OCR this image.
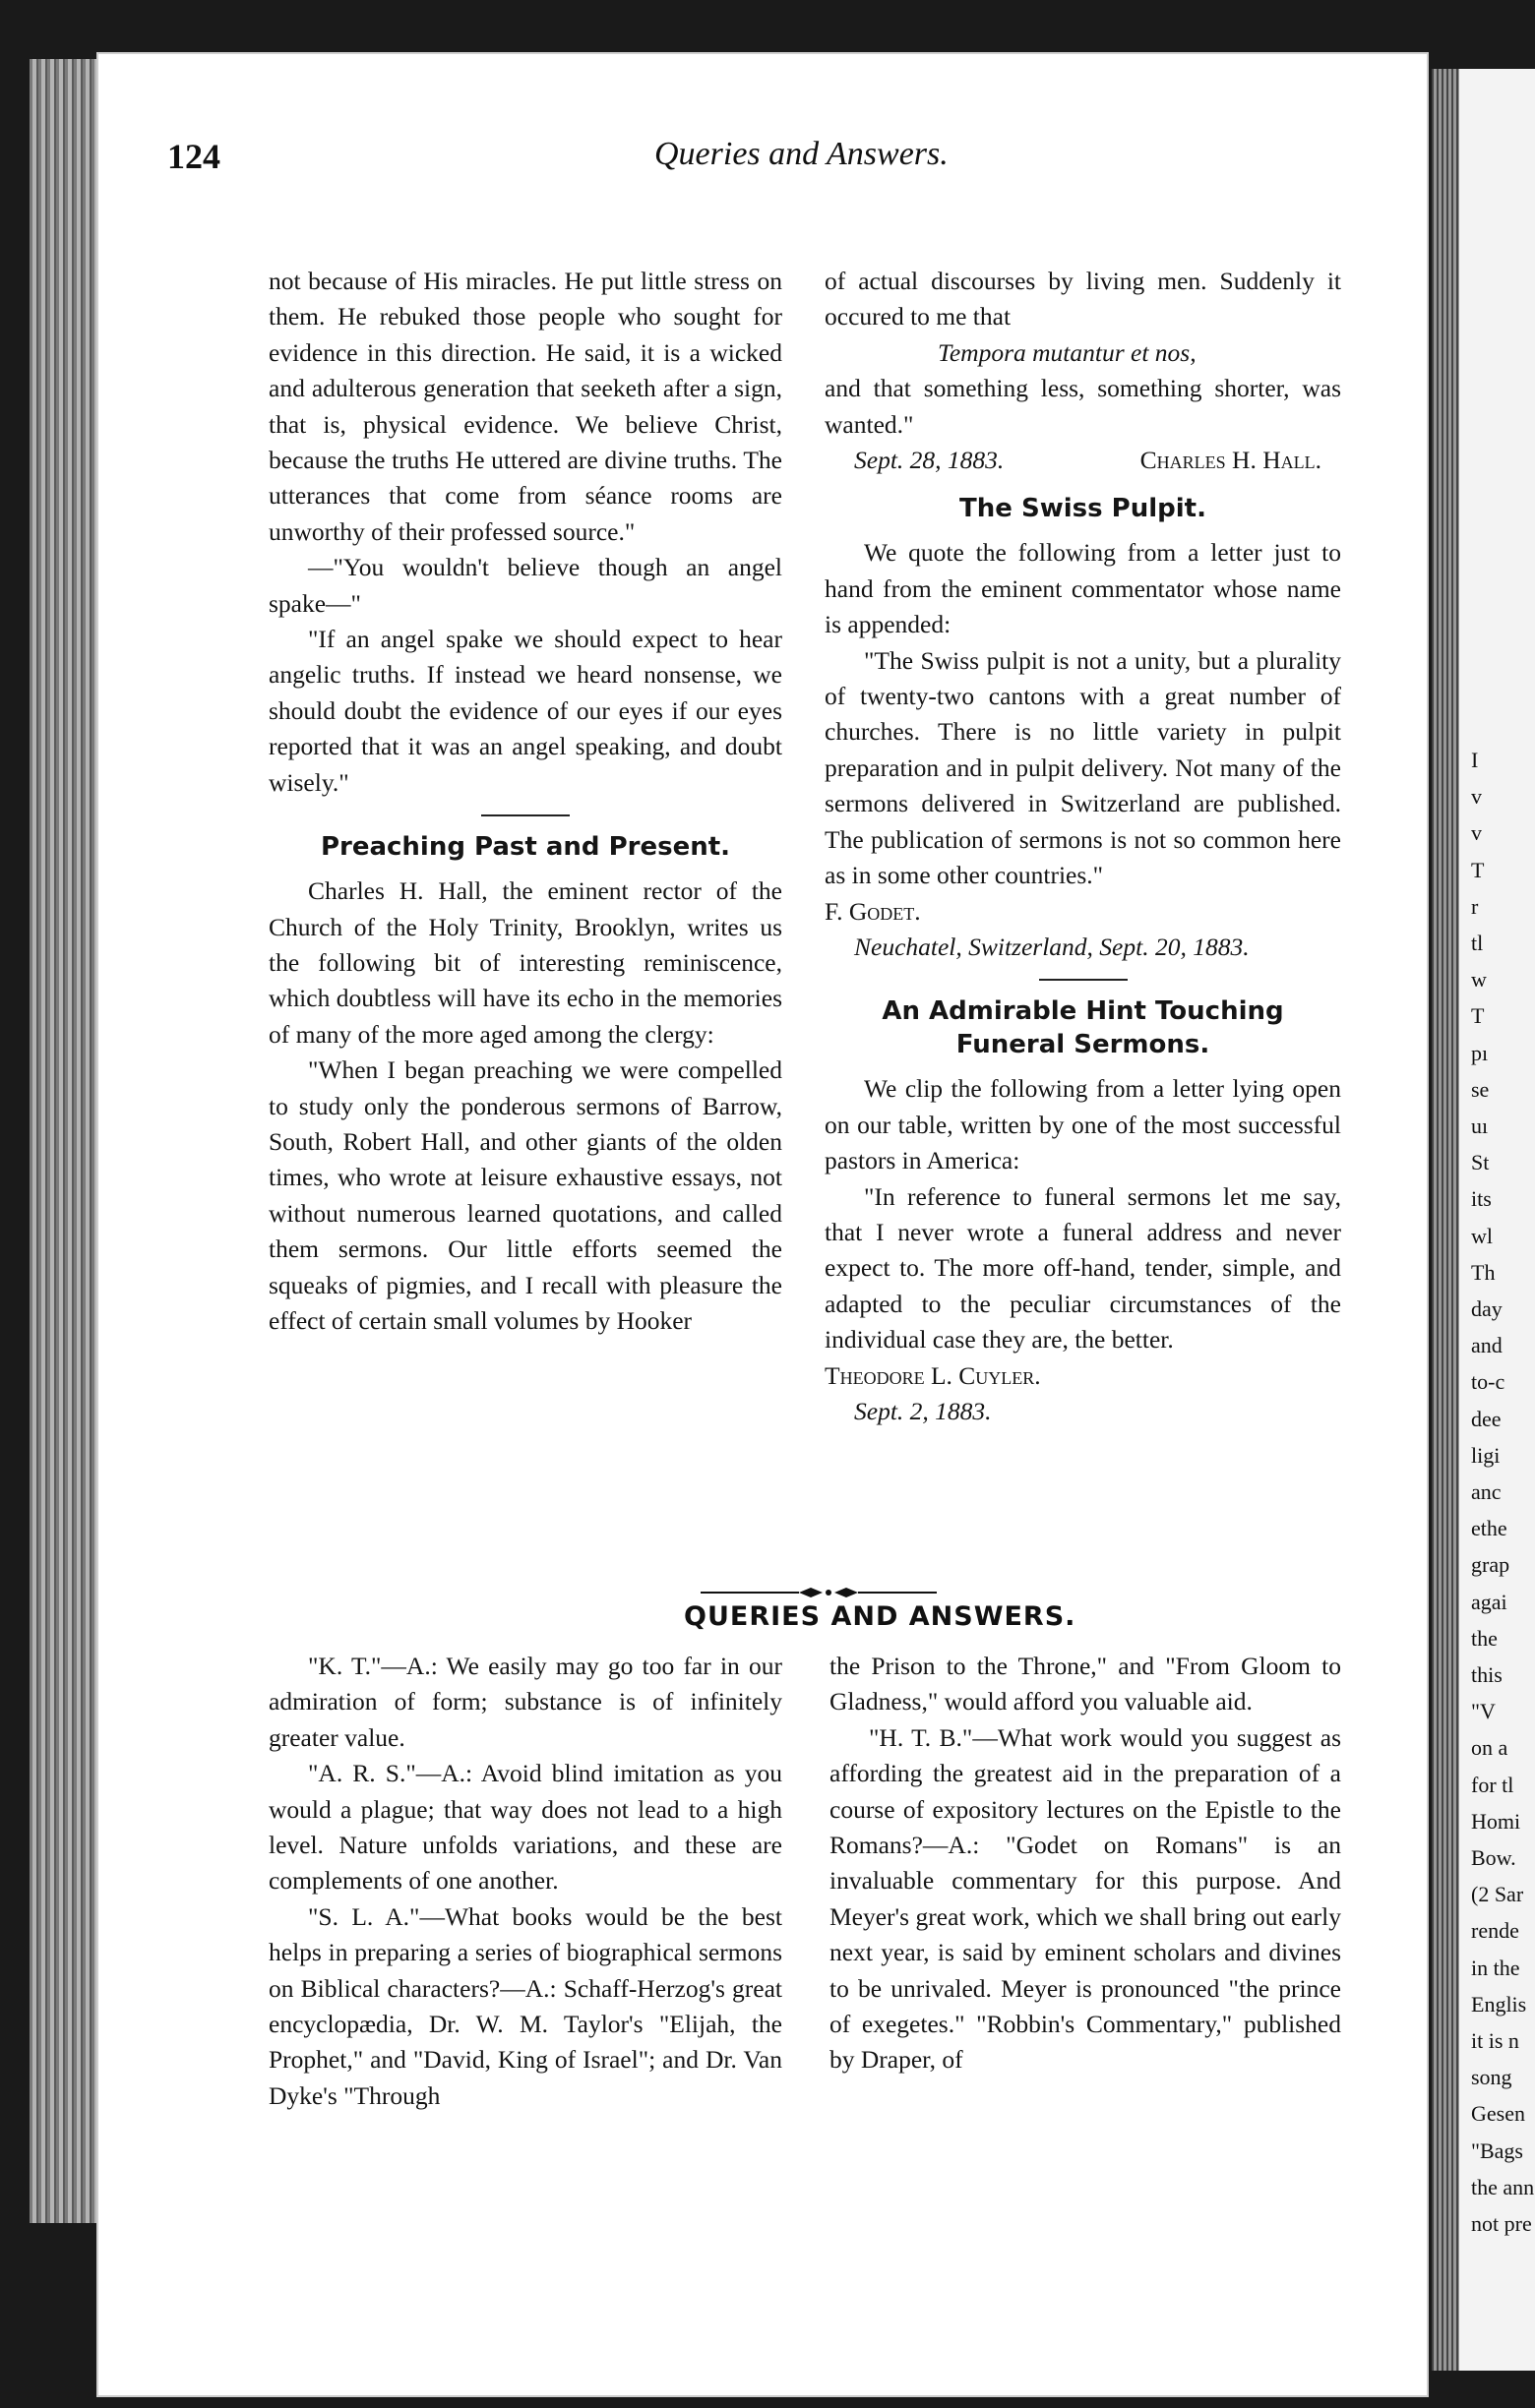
I
v
v
T
r
tl
w
T
pı
se
uı
St
its
wl
Th
day
and
to-c
dee
ligi
anc
ethe
grap
agai
the
this
"V
on a
for tl
Homi
Bow.
(2 Sar
rende
in the
Englis
it is n
song
Gesen
"Bags
the ann
not pre
124	Queries and Answers.

not because of His miracles. He put little stress on them. He rebuked those people who sought for evidence in this direction. He said, it is a wicked and adulterous generation that seeketh after a sign, that is, physical evidence. We believe Christ, because the truths He uttered are divine truths. The utterances that come from séance rooms are unworthy of their professed source."

—"You wouldn't believe though an angel spake—"

"If an angel spake we should expect to hear angelic truths. If instead we heard nonsense, we should doubt the evidence of our eyes if our eyes reported that it was an angel speaking, and doubt wisely."

Preaching Past and Present.

Charles H. Hall, the eminent rector of the Church of the Holy Trinity, Brooklyn, writes us the following bit of interesting reminiscence, which doubtless will have its echo in the memories of many of the more aged among the clergy:

"When I began preaching we were compelled to study only the ponderous sermons of Barrow, South, Robert Hall, and other giants of the olden times, who wrote at leisure exhaustive essays, not without numerous learned quotations, and called them sermons. Our little efforts seemed the squeaks of pigmies, and I recall with pleasure the effect of certain small volumes by Hooker

of actual discourses by living men. Suddenly it occured to me that

Tempora mutantur et nos,

and that something less, something shorter, was wanted."

Sept. 28, 1883.	Charles H. Hall.

The Swiss Pulpit.

We quote the following from a letter just to hand from the eminent commentator whose name is appended:

"The Swiss pulpit is not a unity, but a plurality of twenty-two cantons with a great number of churches. There is no little variety in pulpit preparation and in pulpit delivery. Not many of the sermons delivered in Switzerland are published. The publication of sermons is not so common here as in some other countries."

F. Godet.

Neuchatel, Switzerland, Sept. 20, 1883.

An Admirable Hint Touching Funeral Sermons.

We clip the following from a letter lying open on our table, written by one of the most successful pastors in America:

"In reference to funeral sermons let me say, that I never wrote a funeral address and never expect to. The more off-hand, tender, simple, and adapted to the peculiar circumstances of the individual case they are, the better.

Theodore L. Cuyler.

Sept. 2, 1883.

QUERIES AND ANSWERS.

"K. T."—A.: We easily may go too far in our admiration of form; substance is of infinitely greater value.

"A. R. S."—A.: Avoid blind imitation as you would a plague; that way does not lead to a high level. Nature unfolds variations, and these are complements of one another.

"S. L. A."—What books would be the best helps in preparing a series of biographical sermons on Biblical characters?—A.: Schaff-Herzog's great encyclopædia, Dr. W. M. Taylor's "Elijah, the Prophet," and "David, King of Israel"; and Dr. Van Dyke's "Through

the Prison to the Throne," and "From Gloom to Gladness," would afford you valuable aid.

"H. T. B."—What work would you suggest as affording the greatest aid in the preparation of a course of expository lectures on the Epistle to the Romans?—A.: "Godet on Romans" is an invaluable commentary for this purpose. And Meyer's great work, which we shall bring out early next year, is said by eminent scholars and divines to be unrivaled. Meyer is pronounced "the prince of exegetes." "Robbin's Commentary," published by Draper, of
